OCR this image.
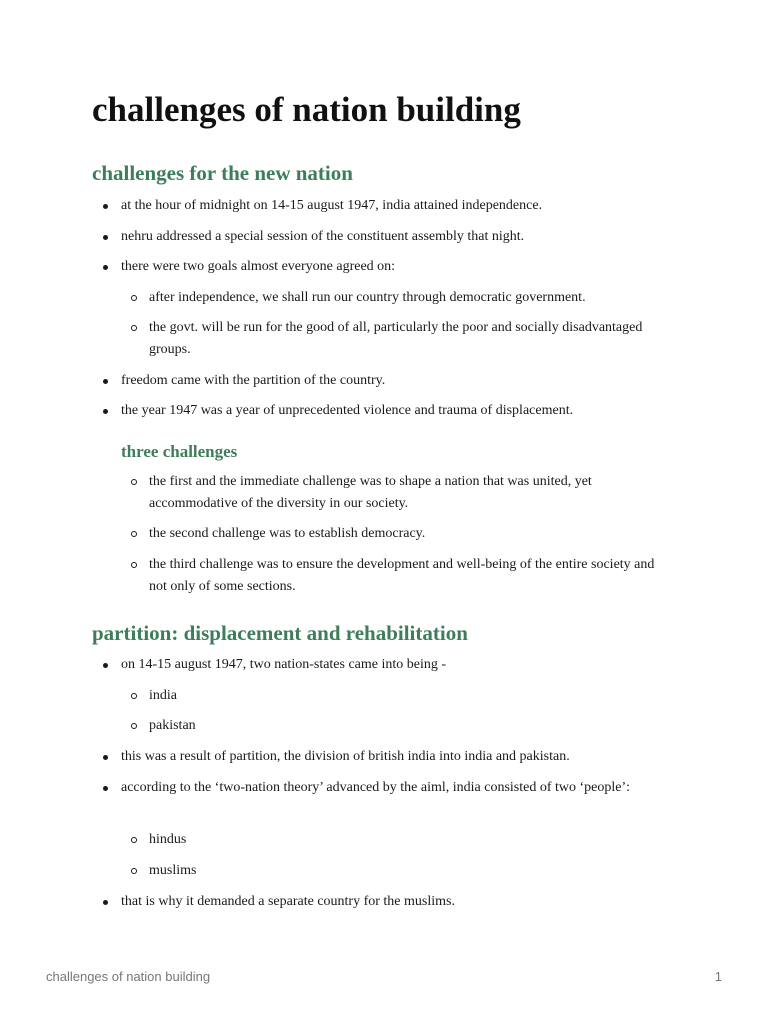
challenges of nation building
challenges for the new nation
at the hour of midnight on 14-15 august 1947, india attained independence.
nehru addressed a special session of the constituent assembly that night.
there were two goals almost everyone agreed on:
after independence, we shall run our country through democratic government.
the govt. will be run for the good of all, particularly the poor and socially disadvantaged groups.
freedom came with the partition of the country.
the year 1947 was a year of unprecedented violence and trauma of displacement.
three challenges
the first and the immediate challenge was to shape a nation that was united, yet accommodative of the diversity in our society.
the second challenge was to establish democracy.
the third challenge was to ensure the development and well-being of the entire society and not only of some sections.
partition: displacement and rehabilitation
on 14-15 august 1947, two nation-states came into being -
india
pakistan
this was a result of partition, the division of british india into india and pakistan.
according to the ‘two-nation theory’ advanced by the aiml, india consisted of two ‘people’:
hindus
muslims
that is why it demanded a separate country for the muslims.
challenges of nation building	1
